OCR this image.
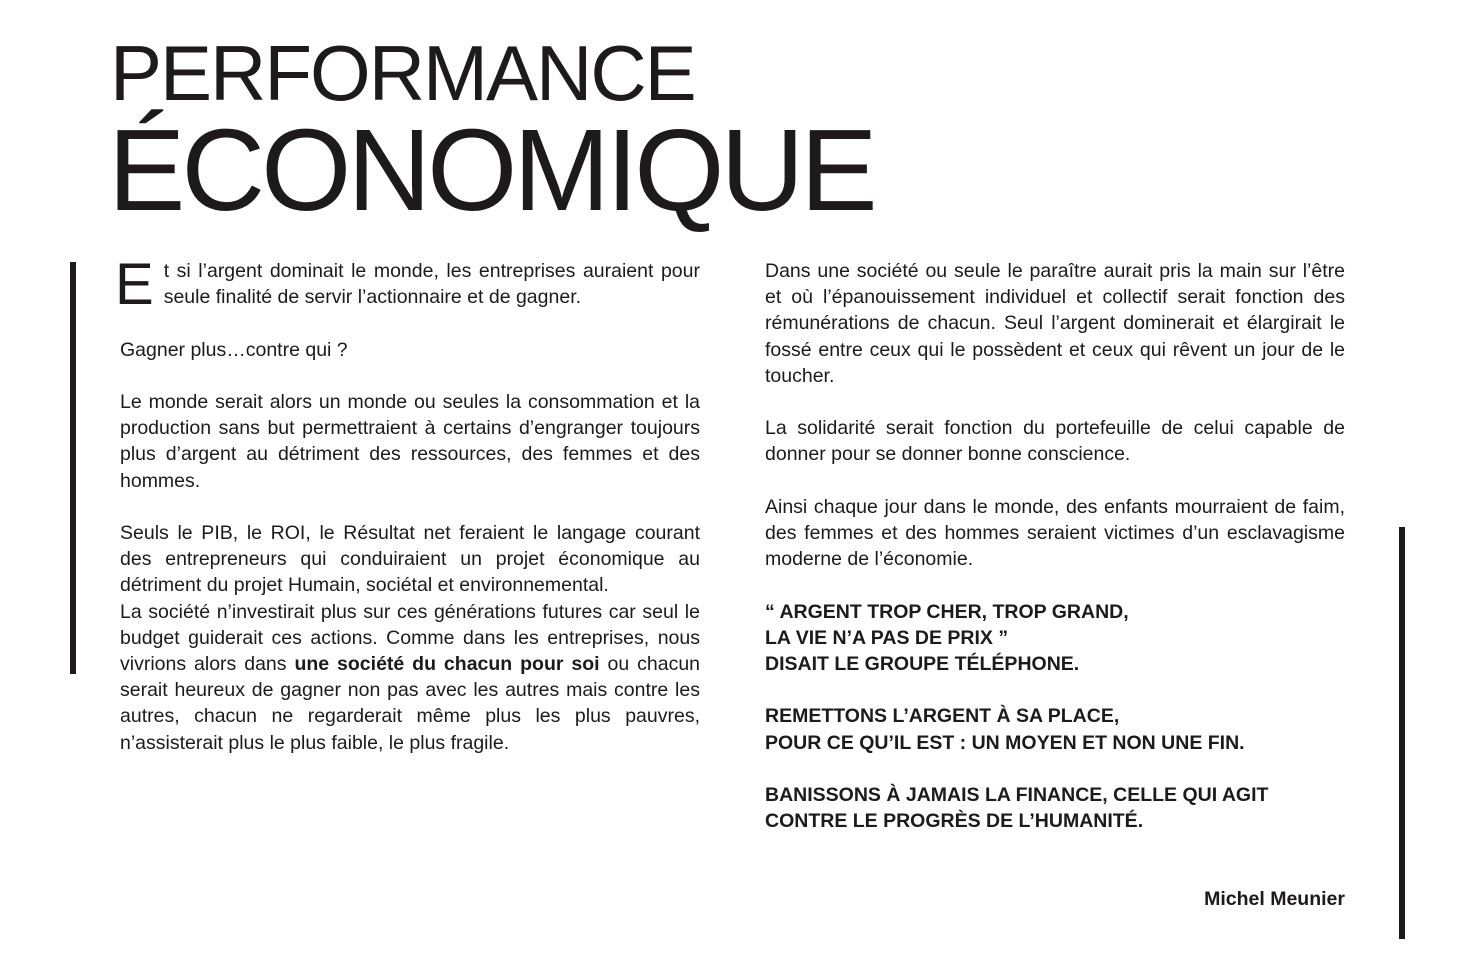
PERFORMANCE
ÉCONOMIQUE

Et si l’argent dominait le monde, les entreprises auraient pour seule finalité de servir l’actionnaire et de gagner.

Gagner plus…contre qui ?

Le monde serait alors un monde ou seules la consommation et la production sans but permettraient à certains d’engranger toujours plus d’argent au détriment des ressources, des femmes et des hommes.

Seuls le PIB, le ROI, le Résultat net feraient le langage courant des entrepreneurs qui conduiraient un projet économique au détriment du projet Humain, sociétal et environnemental.

La société n’investirait plus sur ces générations futures car seul le budget guiderait ces actions. Comme dans les entreprises, nous vivrions alors dans une société du chacun pour soi ou chacun serait heureux de gagner non pas avec les autres mais contre les autres, chacun ne regarderait même plus les plus pauvres, n’assisterait plus le plus faible, le plus fragile.

Dans une société ou seule le paraître aurait pris la main sur l’être et où l’épanouissement individuel et collectif serait fonction des rémunérations de chacun. Seul l’argent dominerait et élargirait le fossé entre ceux qui le possèdent et ceux qui rêvent un jour de le toucher.

La solidarité serait fonction du portefeuille de celui capable de donner pour se donner bonne conscience.

Ainsi chaque jour dans le monde, des enfants mourraient de faim, des femmes et des hommes seraient victimes d’un esclavagisme moderne de l’économie.

“ ARGENT TROP CHER, TROP GRAND,
LA VIE N’A PAS DE PRIX ”
DISAIT LE GROUPE TÉLÉPHONE.
REMETTONS L’ARGENT À SA PLACE,
POUR CE QU’IL EST : UN MOYEN ET NON UNE FIN.
BANISSONS À JAMAIS LA FINANCE, CELLE QUI AGIT
CONTRE LE PROGRÈS DE L’HUMANITÉ.
Michel Meunier
